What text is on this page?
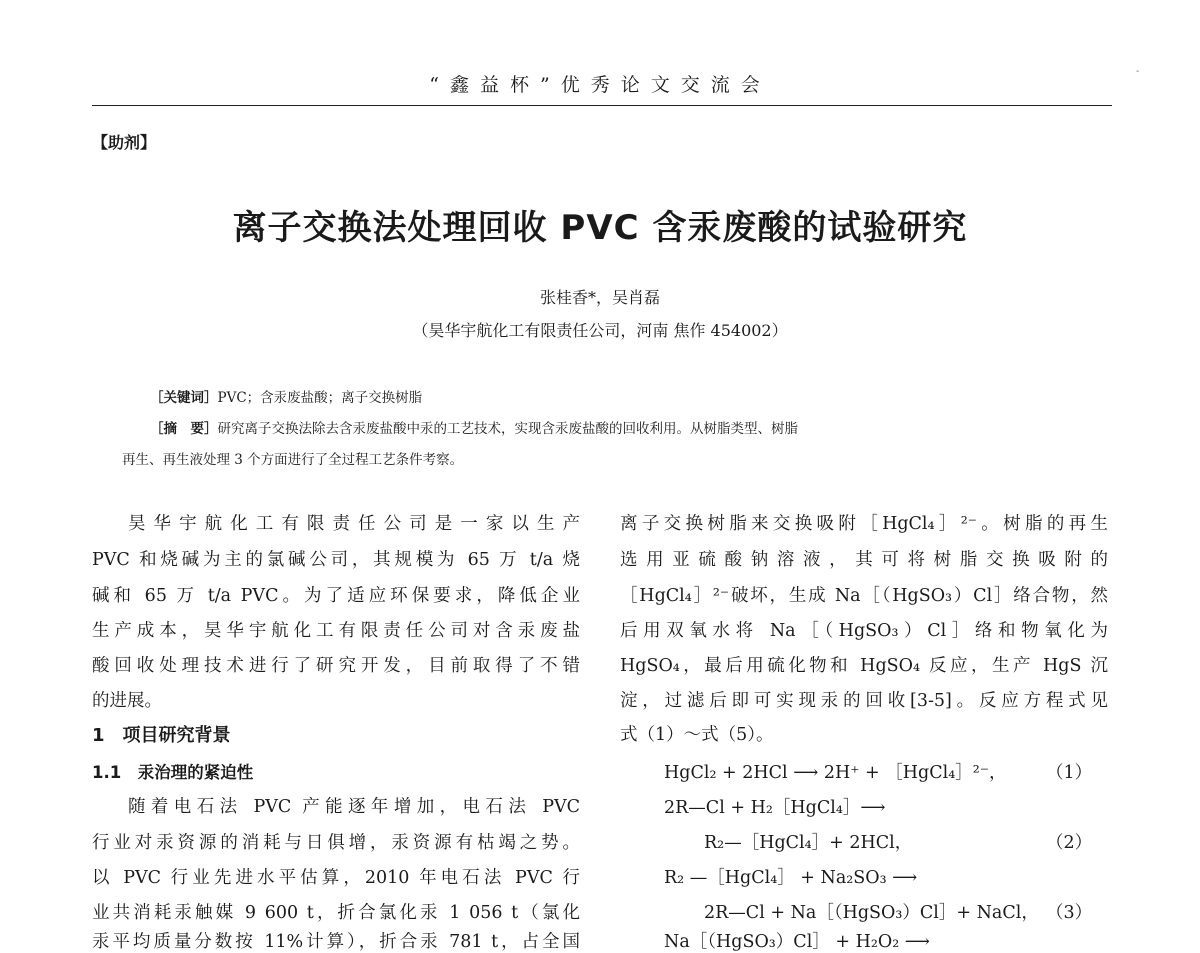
“鑫益杯”优秀论文交流会
-
【助剂】
离子交换法处理回收 PVC 含汞废酸的试验研究
张桂香*，吴肖磊
（昊华宇航化工有限责任公司，河南 焦作 454002）
［关键词］PVC；含汞废盐酸；离子交换树脂
［摘　要］研究离子交换法除去含汞废盐酸中汞的工艺技术，实现含汞废盐酸的回收利用。从树脂类型、树脂
再生、再生液处理 3 个方面进行了全过程工艺条件考察。
昊华宇航化工有限责任公司是一家以生产
PVC 和烧碱为主的氯碱公司，其规模为 65 万 t/a 烧
碱和 65 万 t/a PVC。为了适应环保要求，降低企业
生产成本，昊华宇航化工有限责任公司对含汞废盐
酸回收处理技术进行了研究开发，目前取得了不错
的进展。
1　项目研究背景
1.1　汞治理的紧迫性
随着电石法 PVC 产能逐年增加，电石法 PVC
行业对汞资源的消耗与日俱增，汞资源有枯竭之势。
以 PVC 行业先进水平估算，2010 年电石法 PVC 行
业共消耗汞触媒 9 600 t，折合氯化汞 1 056 t（氯化
汞平均质量分数按 11%计算），折合汞 781 t，占全国
离子交换树脂来交换吸附［HgCl₄］²⁻。树脂的再生
选用亚硫酸钠溶液，其可将树脂交换吸附的
［HgCl₄］²⁻破坏，生成 Na［（HgSO₃）Cl］络合物，然
后用双氧水将 Na［（HgSO₃）Cl］络和物氧化为
HgSO₄，最后用硫化物和 HgSO₄ 反应，生产 HgS 沉
淀，过滤后即可实现汞的回收[3-5]。反应方程式见
式（1）～式（5）。
HgCl₂ + 2HCl ⟶ 2H⁺ + ［HgCl₄］²⁻， （1）
2R—Cl + H₂［HgCl₄］⟶
R₂—［HgCl₄］+ 2HCl，	（2）
R₂ —［HgCl₄］ + Na₂SO₃ ⟶
2R—Cl + Na［（HgSO₃）Cl］+ NaCl， （3）
Na［（HgSO₃）Cl］ + H₂O₂ ⟶
